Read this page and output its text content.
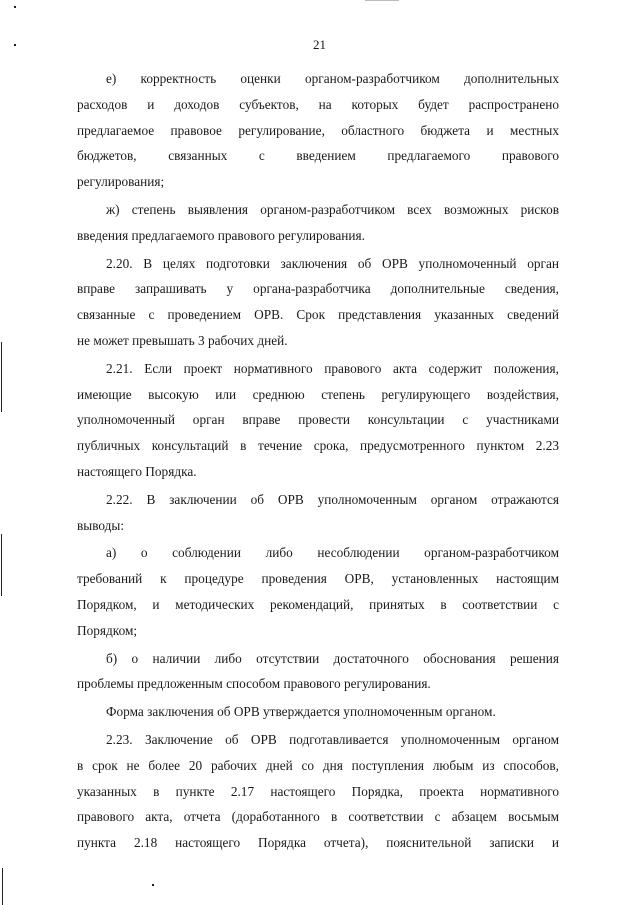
21
е) корректность оценки органом-разработчиком дополнительных
расходов и доходов субъектов, на которых будет распространено
предлагаемое правовое регулирование, областного бюджета и местных
бюджетов, связанных с введением предлагаемого правового
регулирования;
ж) степень выявления органом-разработчиком всех возможных рисков
введения предлагаемого правового регулирования.
2.20. В целях подготовки заключения об ОРВ уполномоченный орган
вправе запрашивать у органа-разработчика дополнительные сведения,
связанные с проведением ОРВ. Срок представления указанных сведений
не может превышать 3 рабочих дней.
2.21. Если проект нормативного правового акта содержит положения,
имеющие высокую или среднюю степень регулирующего воздействия,
уполномоченный орган вправе провести консультации с участниками
публичных консультаций в течение срока, предусмотренного пунктом 2.23
настоящего Порядка.
2.22. В заключении об ОРВ уполномоченным органом отражаются
выводы:
а) о соблюдении либо несоблюдении органом-разработчиком
требований к процедуре проведения ОРВ, установленных настоящим
Порядком, и методических рекомендаций, принятых в соответствии с
Порядком;
б) о наличии либо отсутствии достаточного обоснования решения
проблемы предложенным способом правового регулирования.
Форма заключения об ОРВ утверждается уполномоченным органом.
2.23. Заключение об ОРВ подготавливается уполномоченным органом
в срок не более 20 рабочих дней со дня поступления любым из способов,
указанных в пункте 2.17 настоящего Порядка, проекта нормативного
правового акта, отчета (доработанного в соответствии с абзацем восьмым
пункта 2.18 настоящего Порядка отчета), пояснительной записки и
